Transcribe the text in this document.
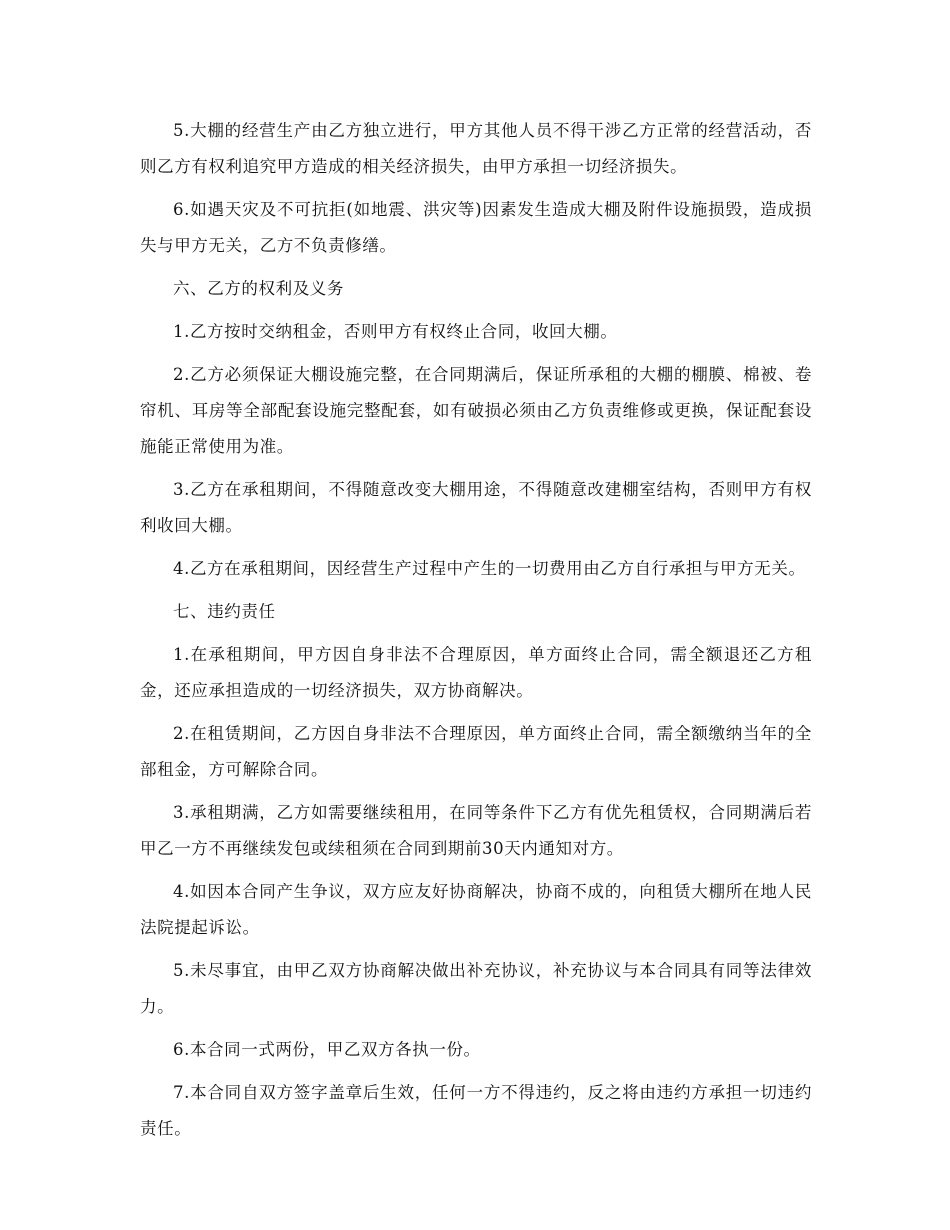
5.大棚的经营生产由乙方独立进行，甲方其他人员不得干涉乙方正常的经营活动，否则乙方有权利追究甲方造成的相关经济损失，由甲方承担一切经济损失。

6.如遇天灾及不可抗拒(如地震、洪灾等)因素发生造成大棚及附件设施损毁，造成损失与甲方无关，乙方不负责修缮。

六、乙方的权利及义务

1.乙方按时交纳租金，否则甲方有权终止合同，收回大棚。

2.乙方必须保证大棚设施完整，在合同期满后，保证所承租的大棚的棚膜、棉被、卷帘机、耳房等全部配套设施完整配套，如有破损必须由乙方负责维修或更换，保证配套设施能正常使用为准。

3.乙方在承租期间，不得随意改变大棚用途，不得随意改建棚室结构，否则甲方有权利收回大棚。

4.乙方在承租期间，因经营生产过程中产生的一切费用由乙方自行承担与甲方无关。

七、违约责任

1.在承租期间，甲方因自身非法不合理原因，单方面终止合同，需全额退还乙方租金，还应承担造成的一切经济损失，双方协商解决。

2.在租赁期间，乙方因自身非法不合理原因，单方面终止合同，需全额缴纳当年的全部租金，方可解除合同。

3.承租期满，乙方如需要继续租用，在同等条件下乙方有优先租赁权，合同期满后若甲乙一方不再继续发包或续租须在合同到期前30天内通知对方。

4.如因本合同产生争议，双方应友好协商解决，协商不成的，向租赁大棚所在地人民法院提起诉讼。

5.未尽事宜，由甲乙双方协商解决做出补充协议，补充协议与本合同具有同等法律效力。

6.本合同一式两份，甲乙双方各执一份。

7.本合同自双方签字盖章后生效，任何一方不得违约，反之将由违约方承担一切违约责任。
